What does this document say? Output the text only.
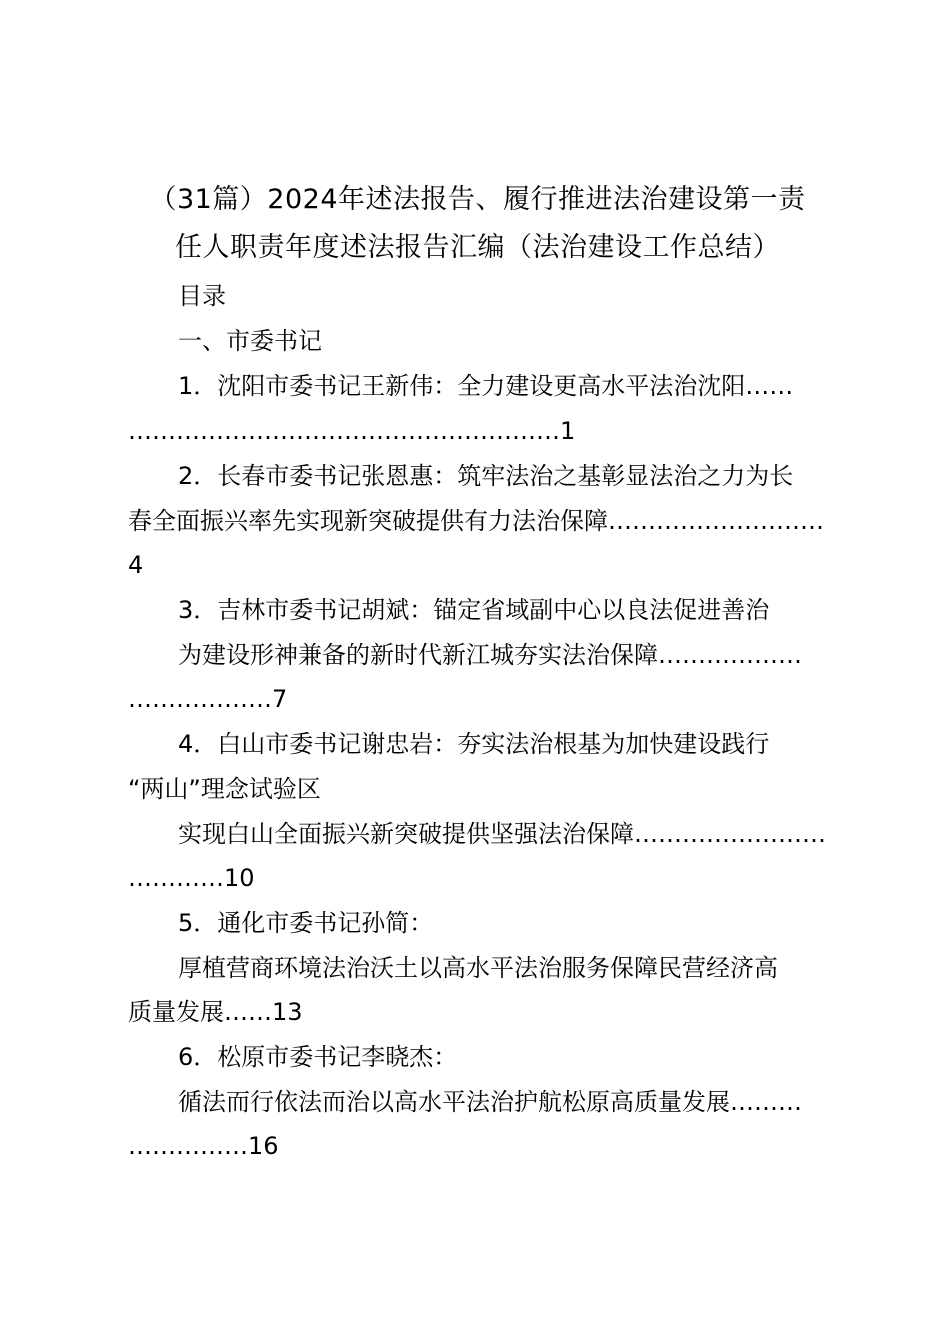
（31篇）2024年述法报告、履行推进法治建设第一责
任人职责年度述法报告汇编（法治建设工作总结）
目录
一、市委书记
1．沈阳市委书记王新伟：全力建设更高水平法治沈阳……
………………………………………………1
2．长春市委书记张恩惠：筑牢法治之基彰显法治之力为长
春全面振兴率先实现新突破提供有力法治保障………………………
4
3．吉林市委书记胡斌：锚定省域副中心以良法促进善治
为建设形神兼备的新时代新江城夯实法治保障………………
………………7
4．白山市委书记谢忠岩：夯实法治根基为加快建设践行
“两山”理念试验区
实现白山全面振兴新突破提供坚强法治保障……………………
…………10
5．通化市委书记孙简：
厚植营商环境法治沃土以高水平法治服务保障民营经济高
质量发展……13
6．松原市委书记李晓杰：
循法而行依法而治以高水平法治护航松原高质量发展………
……………16
